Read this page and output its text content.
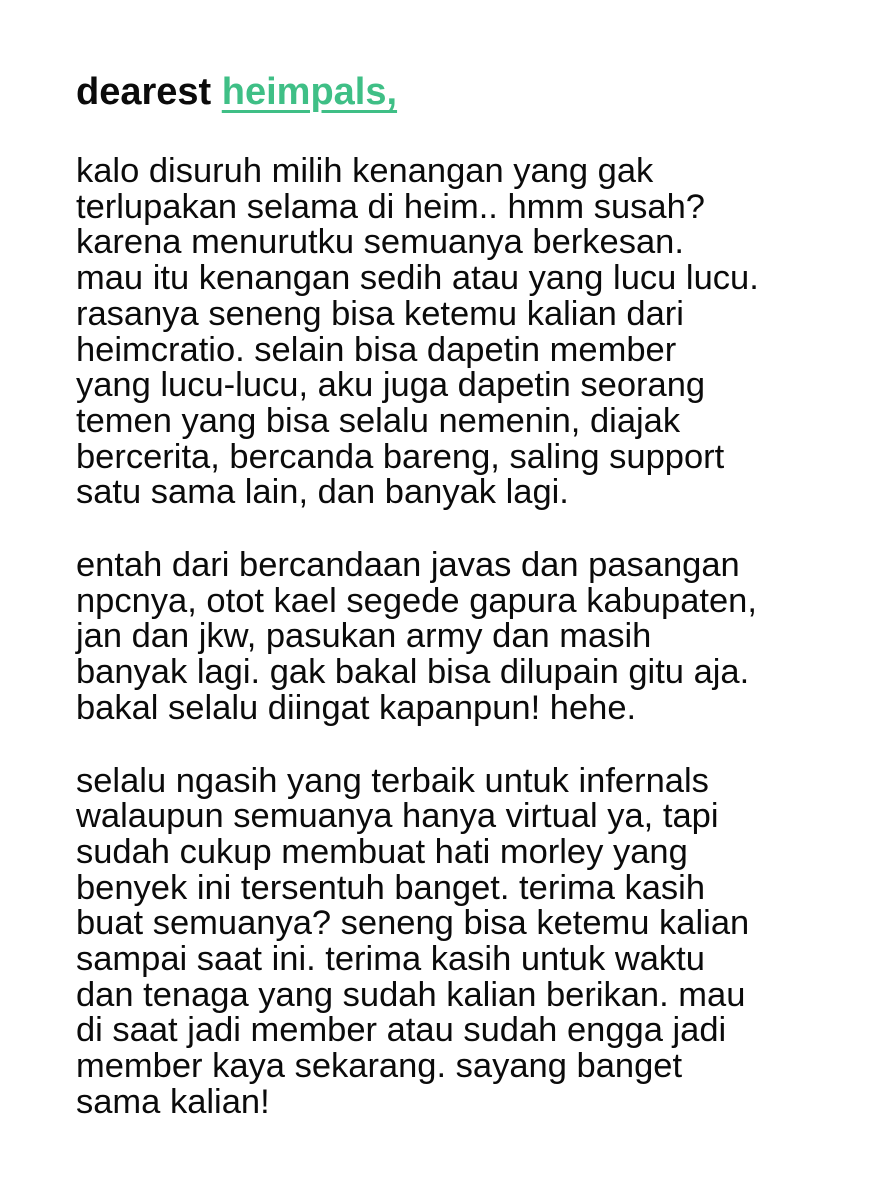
dearest heimpals,
kalo disuruh milih kenangan yang gak
terlupakan selama di heim.. hmm susah?
karena menurutku semuanya berkesan.
mau itu kenangan sedih atau yang lucu lucu.
rasanya seneng bisa ketemu kalian dari
heimcratio. selain bisa dapetin member
yang lucu-lucu, aku juga dapetin seorang
temen yang bisa selalu nemenin, diajak
bercerita, bercanda bareng, saling support
satu sama lain, dan banyak lagi.
entah dari bercandaan javas dan pasangan
npcnya, otot kael segede gapura kabupaten,
jan dan jkw, pasukan army dan masih
banyak lagi. gak bakal bisa dilupain gitu aja.
bakal selalu diingat kapanpun! hehe.
selalu ngasih yang terbaik untuk infernals
walaupun semuanya hanya virtual ya, tapi
sudah cukup membuat hati morley yang
benyek ini tersentuh banget. terima kasih
buat semuanya? seneng bisa ketemu kalian
sampai saat ini. terima kasih untuk waktu
dan tenaga yang sudah kalian berikan. mau
di saat jadi member atau sudah engga jadi
member kaya sekarang. sayang banget
sama kalian!
